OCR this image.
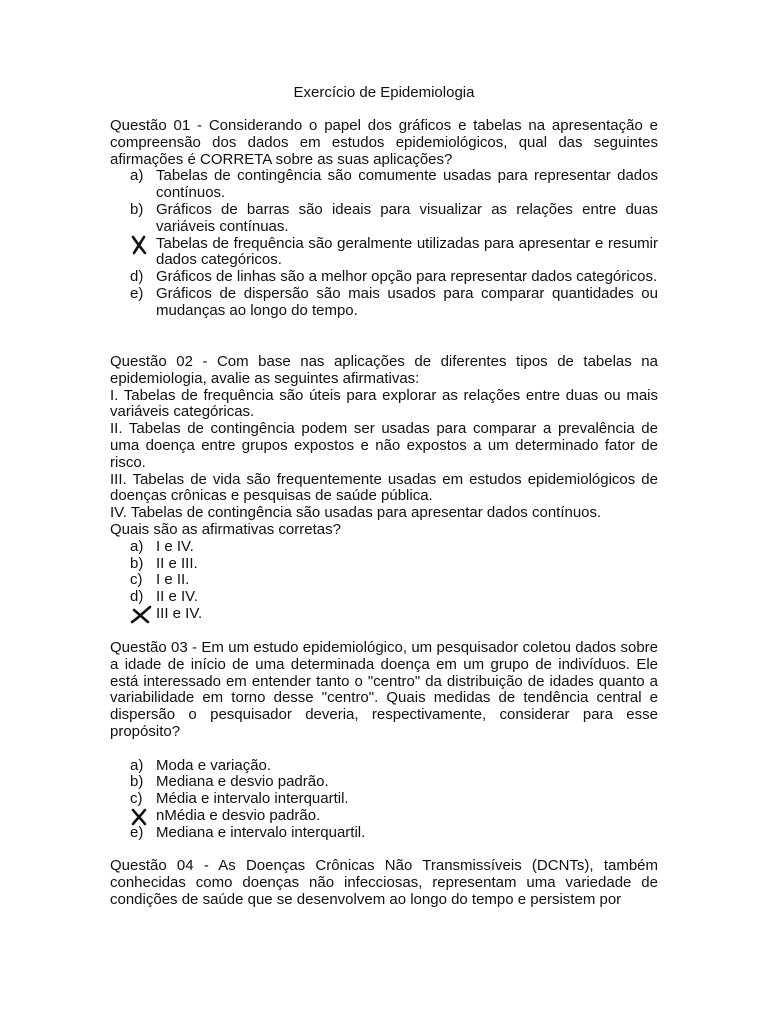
Exercício de Epidemiologia

Questão 01 - Considerando o papel dos gráficos e tabelas na apresentação e compreensão dos dados em estudos epidemiológicos, qual das seguintes afirmações é CORRETA sobre as suas aplicações?

a) Tabelas de contingência são comumente usadas para representar dados contínuos.
b) Gráficos de barras são ideais para visualizar as relações entre duas variáveis contínuas.
Tabelas de frequência são geralmente utilizadas para apresentar e resumir dados categóricos.
d) Gráficos de linhas são a melhor opção para representar dados categóricos.
e) Gráficos de dispersão são mais usados para comparar quantidades ou mudanças ao longo do tempo.

Questão 02 - Com base nas aplicações de diferentes tipos de tabelas na epidemiologia, avalie as seguintes afirmativas:

I. Tabelas de frequência são úteis para explorar as relações entre duas ou mais variáveis categóricas.

II. Tabelas de contingência podem ser usadas para comparar a prevalência de uma doença entre grupos expostos e não expostos a um determinado fator de risco.

III. Tabelas de vida são frequentemente usadas em estudos epidemiológicos de doenças crônicas e pesquisas de saúde pública.

IV. Tabelas de contingência são usadas para apresentar dados contínuos.

Quais são as afirmativas corretas?

a) I e IV.
b) II e III.
c) I e II.
d) II e IV.
III e IV.

Questão 03 - Em um estudo epidemiológico, um pesquisador coletou dados sobre a idade de início de uma determinada doença em um grupo de indivíduos. Ele está interessado em entender tanto o "centro" da distribuição de idades quanto a variabilidade em torno desse "centro". Quais medidas de tendência central e dispersão o pesquisador deveria, respectivamente, considerar para esse propósito?

a) Moda e variação.
b) Mediana e desvio padrão.
c) Média e intervalo interquartil.
nMédia e desvio padrão.
e) Mediana e intervalo interquartil.

Questão 04 - As Doenças Crônicas Não Transmissíveis (DCNTs), também conhecidas como doenças não infecciosas, representam uma variedade de condições de saúde que se desenvolvem ao longo do tempo e persistem por
